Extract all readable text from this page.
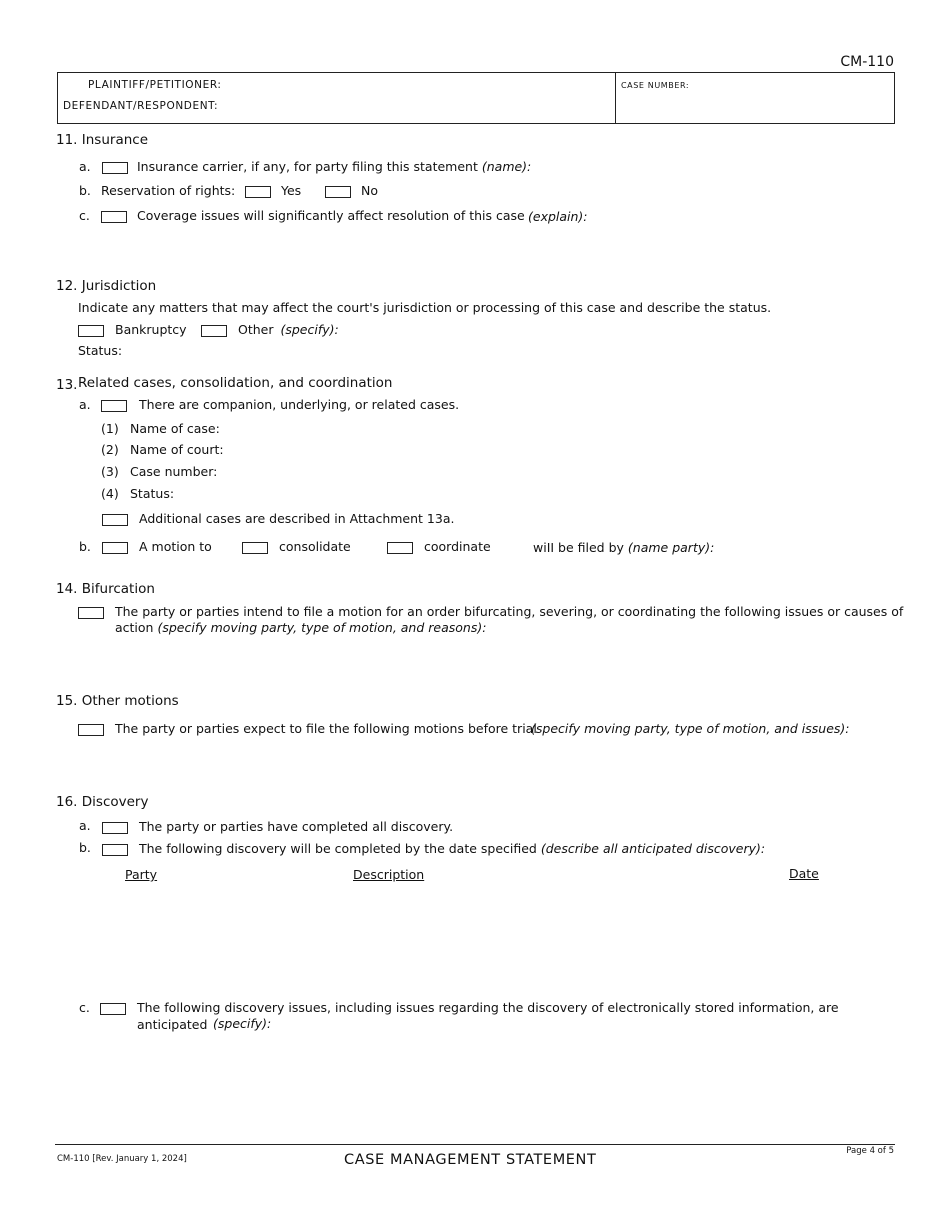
CM-110
PLAINTIFF/PETITIONER:
DEFENDANT/RESPONDENT:
CASE NUMBER:
11. Insurance
a.	Insurance carrier, if any, for party filing this statement (name):
b. Reservation of rights:	Yes	No
c.	Coverage issues will significantly affect resolution of this case (explain):
12. Jurisdiction
Indicate any matters that may affect the court's jurisdiction or processing of this case and describe the status.
Bankruptcy	Other (specify):
Status:
13. Related cases, consolidation, and coordination
a.	There are companion, underlying, or related cases.
(1) Name of case:
(2) Name of court:
(3) Case number:
(4) Status:
Additional cases are described in Attachment 13a.
b.	A motion to	consolidate	coordinate	wiII be filed by (name party):
14. Bifurcation
The party or parties intend to file a motion for an order bifurcating, severing, or coordinating the following issues or causes of
action (specify moving party, type of motion, and reasons):
15. Other motions
The party or parties expect to file the following motions before trial
(specify moving party, type of motion, and issues):
16. Discovery
a.	The party or parties have completed all discovery.
b.	The following discovery will be completed by the date specified (describe all anticipated discovery):
Party	Description	Date
c.	The following discovery issues, including issues regarding the discovery of electronically stored information, are
anticipated (specify):
CM-110 [Rev. January 1, 2024]	CASE MANAGEMENT STATEMENT
Page 4 of 5
